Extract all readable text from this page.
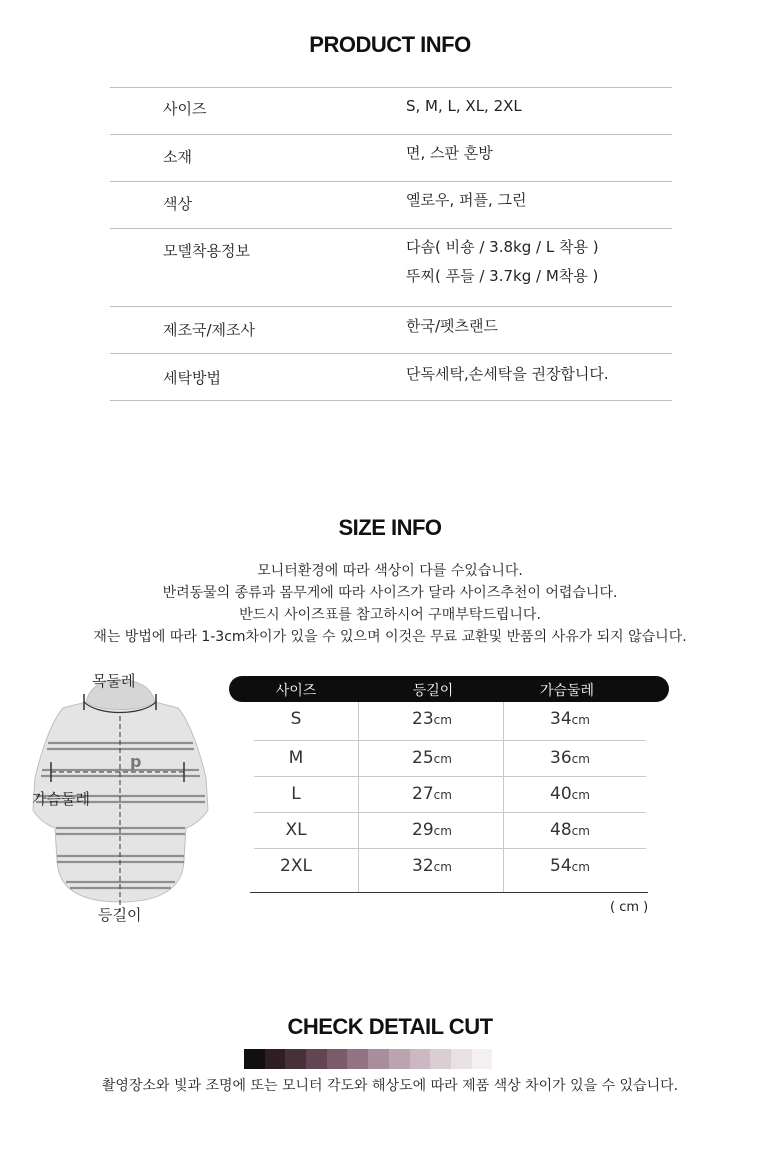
PRODUCT INFO
사이즈	S, M, L, XL, 2XL
소재	면, 스판 혼방
색상	옐로우, 퍼플, 그린
모델착용정보	다솜( 비숑 / 3.8kg / L 착용 )
뚜찌( 푸들 / 3.7kg / M착용 )
제조국/제조사	한국/펫츠랜드
세탁방법	단독세탁,손세탁을 권장합니다.
SIZE INFO
모니터환경에 따라 색상이 다를 수있습니다.
반려동물의 종류과 몸무게에 따라 사이즈가 달라 사이즈추천이 어렵습니다.
반드시 사이즈표를 참고하시어 구매부탁드립니다.
재는 방법에 따라 1-3cm차이가 있을 수 있으며 이것은 무료 교환및 반품의 사유가 되지 않습니다.
p
목둘레
가슴둘레
등길이
사이즈	등길이	가슴둘레
S	23cm	34cm
M	25cm	36cm
L	27cm	40cm
XL	29cm	48cm
2XL	32cm	54cm
( cm )
CHECK DETAIL CUT
촬영장소와 빛과 조명에 또는 모니터 각도와 해상도에 따라 제품 색상 차이가 있을 수 있습니다.
